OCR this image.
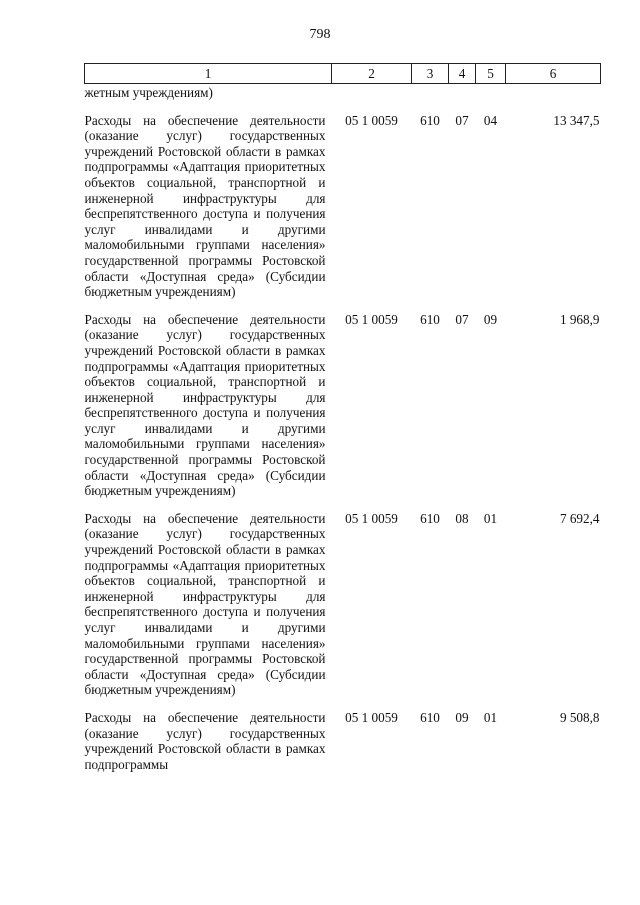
798
1	2	3	4	5	6
жетным учреждениям)					
Расходы на обеспечение деятельности (оказание услуг) государственных учреждений Ростовской области в рамках подпрограммы «Адаптация приоритетных объектов социальной, транспортной и инженерной инфраструктуры для беспрепятственного доступа и получения услуг инвалидами и другими маломобильными группами населения» государственной программы Ростовской области «Доступная среда» (Субсидии бюджетным учреждениям)	05 1 0059	610	07	04	13 347,5
Расходы на обеспечение деятельности (оказание услуг) государственных учреждений Ростовской области в рамках подпрограммы «Адаптация приоритетных объектов социальной, транспортной и инженерной инфраструктуры для беспрепятственного доступа и получения услуг инвалидами и другими маломобильными группами населения» государственной программы Ростовской области «Доступная среда» (Субсидии бюджетным учреждениям)	05 1 0059	610	07	09	1 968,9
Расходы на обеспечение деятельности (оказание услуг) государственных учреждений Ростовской области в рамках подпрограммы «Адаптация приоритетных объектов социальной, транспортной и инженерной инфраструктуры для беспрепятственного доступа и получения услуг инвалидами и другими маломобильными группами населения» государственной программы Ростовской области «Доступная среда» (Субсидии бюджетным учреждениям)	05 1 0059	610	08	01	7 692,4
Расходы на обеспечение деятельности (оказание услуг) государственных учреждений Ростовской области в рамках подпрограммы	05 1 0059	610	09	01	9 508,8
